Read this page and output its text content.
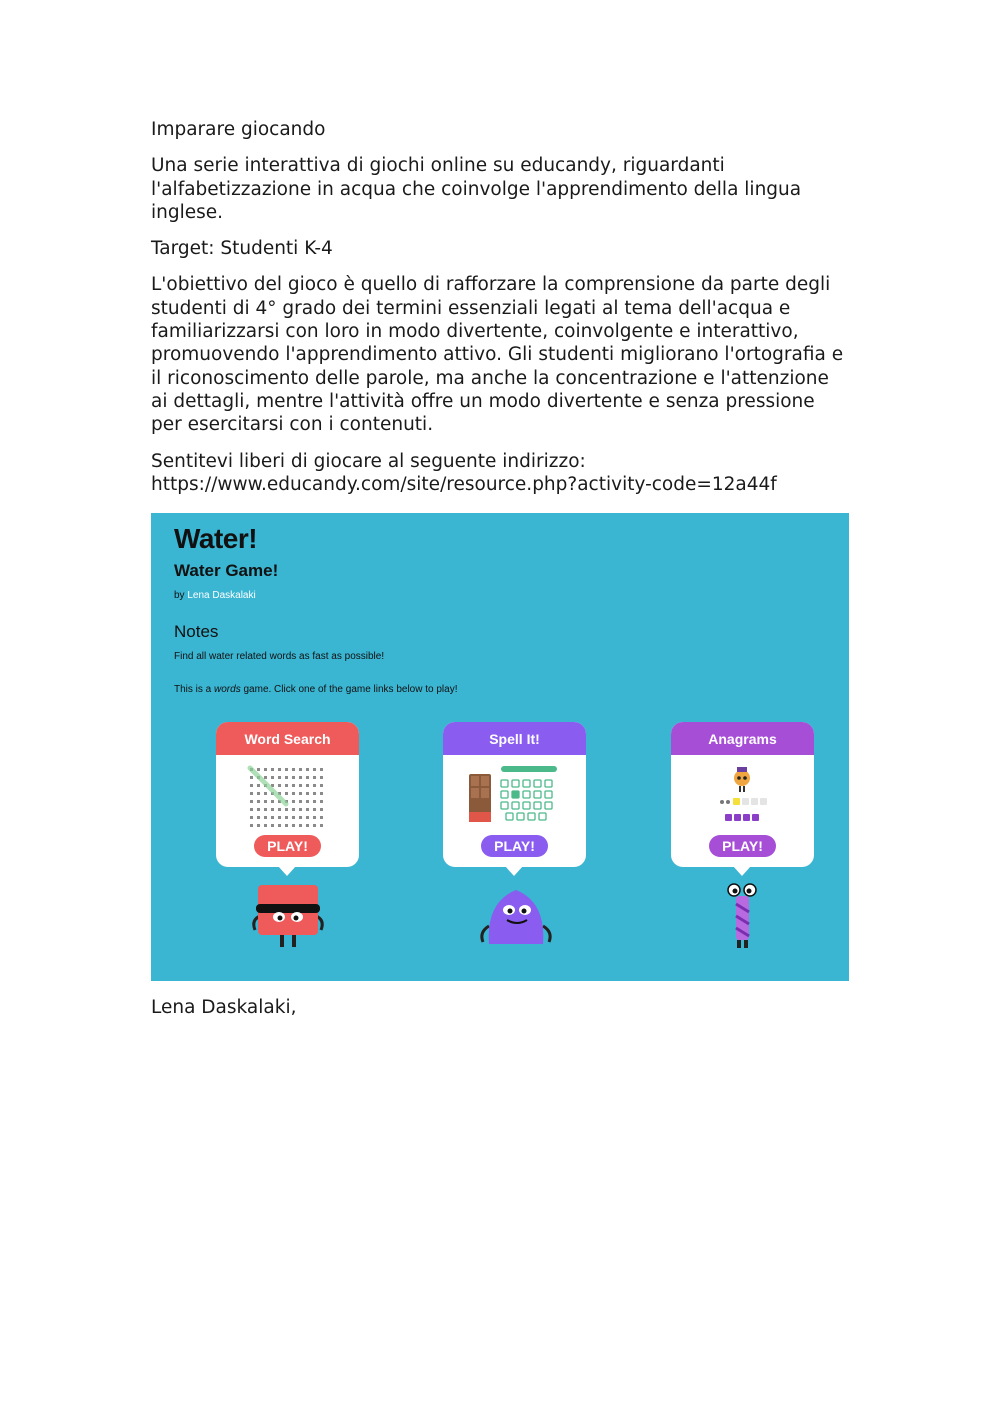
Imparare giocando

Una serie interattiva di giochi online su educandy, riguardanti l'alfabetizzazione in acqua che coinvolge l'apprendimento della lingua inglese.

Target: Studenti K-4

L'obiettivo del gioco è quello di rafforzare la comprensione da parte degli studenti di 4° grado dei termini essenziali legati al tema dell'acqua e familiarizzarsi con loro in modo divertente, coinvolgente e interattivo, promuovendo l'apprendimento attivo. Gli studenti migliorano l'ortografia e il riconoscimento delle parole, ma anche la concentrazione e l'attenzione ai dettagli, mentre l'attività offre un modo divertente e senza pressione per esercitarsi con i contenuti.

Sentitevi liberi di giocare al seguente indirizzo:
https://www.educandy.com/site/resource.php?activity-code=12a44f

Water!
Water Game!
by Lena Daskalaki
Notes
Find all water related words as fast as possible!
This is a words game. Click one of the game links below to play!
Word Search
PLAY!
Spell It!
PLAY!
Anagrams
PLAY!
Lena Daskalaki,
